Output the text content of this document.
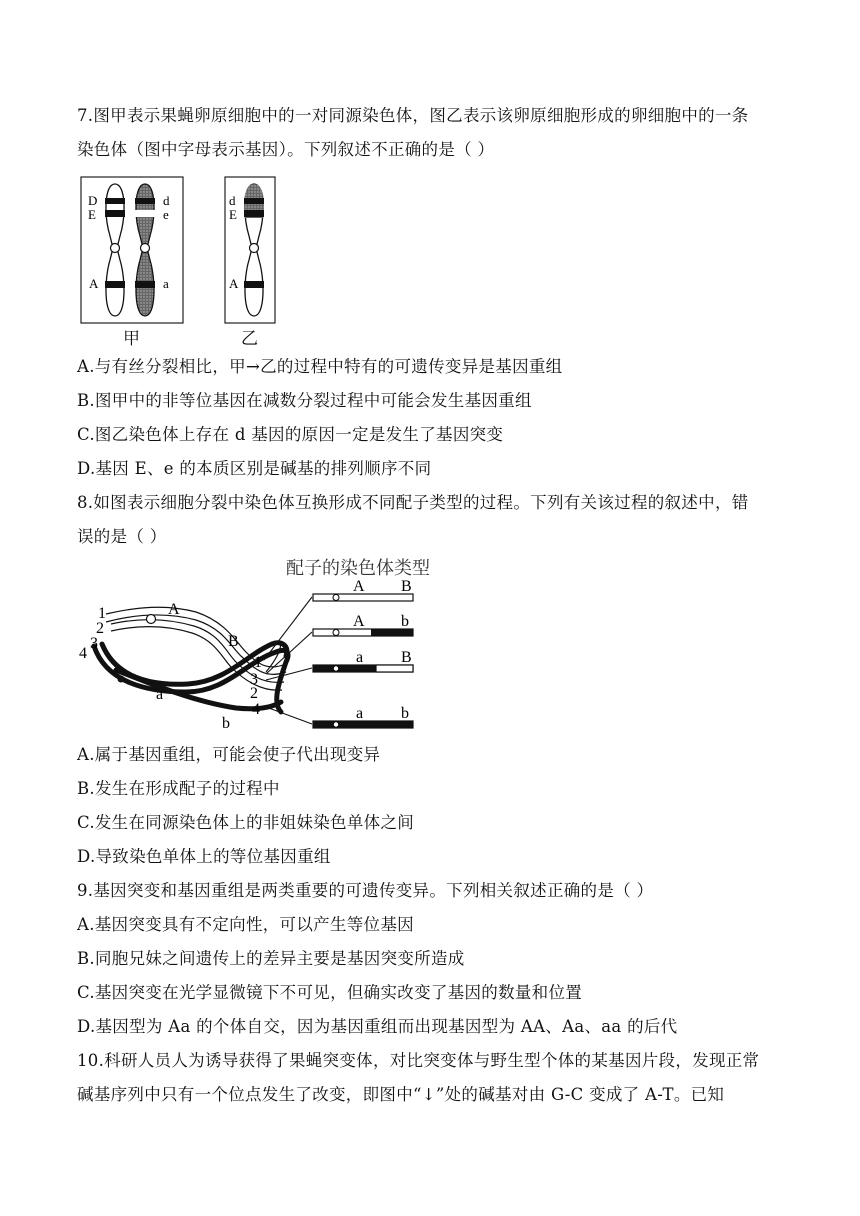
7.图甲表示果蝇卵原细胞中的一对同源染色体，图乙表示该卵原细胞形成的卵细胞中的一条
染色体（图中字母表示基因）。下列叙述不正确的是（ ）
D
E
A
d
e
a
甲
d
E
A
乙
A.与有丝分裂相比，甲→乙的过程中特有的可遗传变异是基因重组
B.图甲中的非等位基因在减数分裂过程中可能会发生基因重组
C.图乙染色体上存在 d 基因的原因一定是发生了基因突变
D.基因 E、e 的本质区别是碱基的排列顺序不同
8.如图表示细胞分裂中染色体互换形成不同配子类型的过程。下列有关该过程的叙述中，错
误的是（ ）
配子的染色体类型
1
2
3
4
A
B
a
b
1
3
2
4
A B
A b
a B
a b
A.属于基因重组，可能会使子代出现变异
B.发生在形成配子的过程中
C.发生在同源染色体上的非姐妹染色单体之间
D.导致染色单体上的等位基因重组
9.基因突变和基因重组是两类重要的可遗传变异。下列相关叙述正确的是（ ）
A.基因突变具有不定向性，可以产生等位基因
B.同胞兄妹之间遗传上的差异主要是基因突变所造成
C.基因突变在光学显微镜下不可见，但确实改变了基因的数量和位置
D.基因型为 Aa 的个体自交，因为基因重组而出现基因型为 AA、Aa、aa 的后代
10.科研人员人为诱导获得了果蝇突变体，对比突变体与野生型个体的某基因片段，发现正常
碱基序列中只有一个位点发生了改变，即图中“↓”处的碱基对由 G-C 变成了 A-T。已知
